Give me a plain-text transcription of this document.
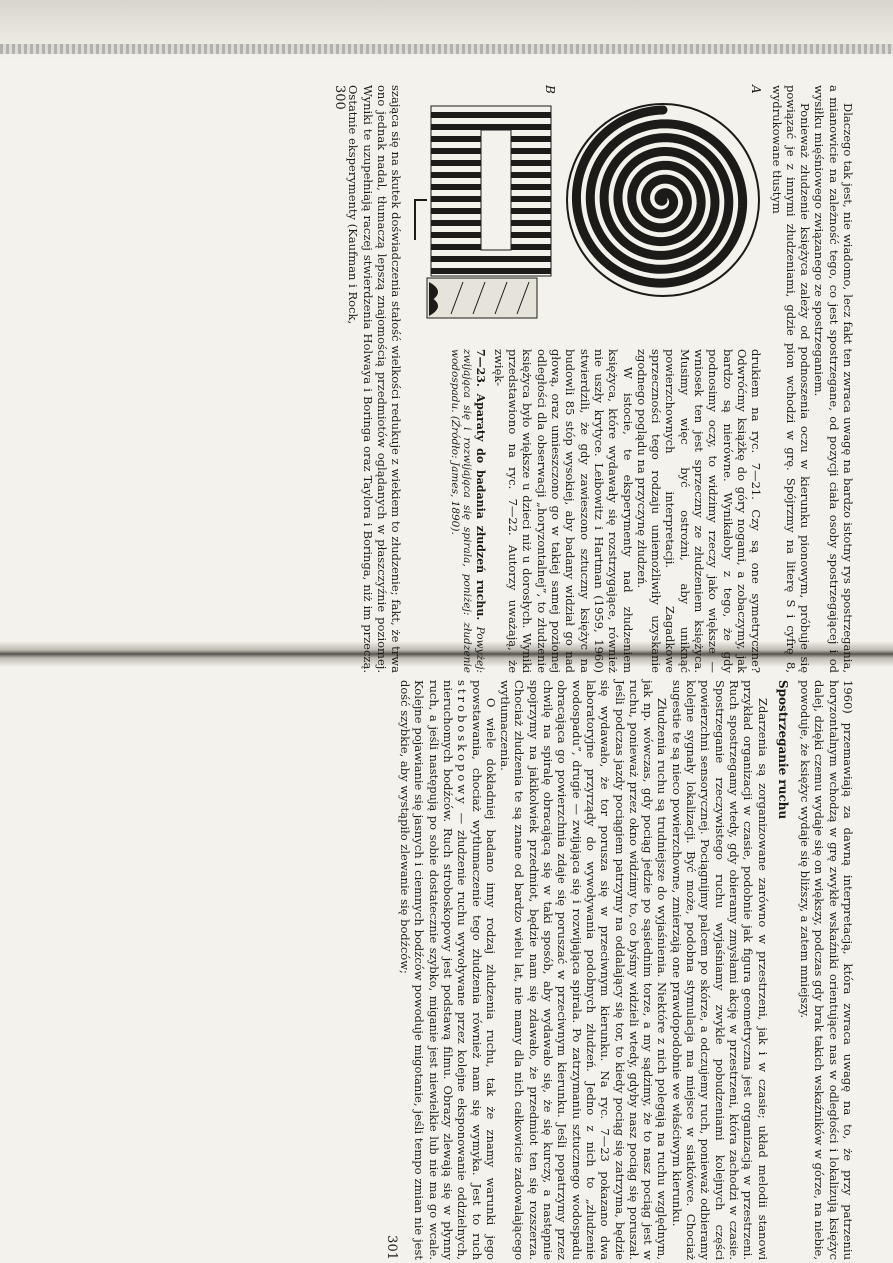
Dlaczego tak jest, nie wiadomo, lecz fakt ten zwraca uwagę na bardzo istotny rys spostrzegania, a mianowicie na zależność tego, co jest spostrzegane, od pozycji ciała osoby spostrzegającej i od wysiłku mięśniowego związanego ze spostrzeganiem.

Ponieważ złudzenie księżyca zależy od podnoszenia oczu w kierunku pionowym, próbuje się powiązać je z innymi złudzeniami, gdzie pion wchodzi w grę. Spójrzmy na literę S i cyfrę 8, wydrukowane tłustym

A
B

drukiem na ryc. 7—21. Czy są one symetryczne? Odwróćmy książkę do góry nogami, a zobaczymy, jak bardzo są nierówne. Wynikałoby z tego, że gdy podnosimy oczy, to widzimy rzeczy jako większe — wniosek ten jest sprzeczny ze złudzeniem księżyca. Musimy więc być ostrożni, aby uniknąć powierzchownych interpretacji. Zagadkowe sprzeczności tego rodzaju uniemożliwiły uzyskanie zgodnego poglądu na przyczynę złudzeń.

W istocie, te eksperymenty nad złudzeniem księżyca, które wydawały się rozstrzygające, również nie uszły krytyce. Leibowitz i Hartman (1959, 1960) stwierdzili, że gdy zawieszono sztuczny księżyc na budowli 85 stóp wysokiej, aby badany widział go nad głową, oraz umieszczono go w takiej samej poziomej odległości dla obserwacji „horyzontalnej”, to złudzenie księżyca było większe u dzieci niż u dorosłych. Wyniki przedstawiono na ryc. 7—22. Autorzy uważają, że zwięk-

7—23. Aparaty do badania złudzeń ruchu. Powyżej: zwijająca się i rozwijająca się spirala, poniżej: złudzenie wodospadu. (Źródło: James, 1890).

szająca się na skutek doświadczenia stałość wielkości redukuje z wiekiem to złudzenie; fakt, że trwa ono jednak nadal, tłumaczą lepszą znajomością przedmiotów oglądanych w płaszczyźnie poziomej. Wyniki te uzupełniają raczej stwierdzenia Holwaya i Boringa oraz Taylora i Boringa, niż im przeczą. Ostatnie eksperymenty (Kaufman i Rock,

300

1960) przemawiają za dawną interpretacją, która zwraca uwagę na to, że przy patrzeniu horyzontalnym wchodzą w grę zwykłe wskaźniki orientujące nas w odległości i lokalizują księżyc dalej, dzięki czemu wydaje się on większy, podczas gdy brak takich wskaźników w górze, na niebie, powoduje, że księżyc wydaje się bliższy, a zatem mniejszy.

Spostrzeganie ruchu

Zdarzenia są zorganizowane zarówno w przestrzeni, jak i w czasie; układ melodii stanowi przykład organizacji w czasie, podobnie jak figura geometryczna jest organizacją w przestrzeni. Ruch spostrzegamy wtedy, gdy obieramy zmysłami akcję w przestrzeni, która zachodzi w czasie. Spostrzeganie rzeczywistego ruchu wyjaśniamy zwykle pobudzeniami kolejnych części powierzchni sensorycznej. Pociągnijmy palcem po skórze, a odczujemy ruch, ponieważ odbieramy kolejne sygnały lokalizacji. Być może, podobna stymulacja ma miejsce w siatkówce. Chociaż sugestie te są nieco powierzchowne, zmierzają one prawdopodobnie we właściwym kierunku.

Złudzenia ruchu są trudniejsze do wyjaśnienia. Niektóre z nich polegają na ruchu względnym, jak np. wówczas, gdy pociąg jedzie po sąsiednim torze, a my sądzimy, że to nasz pociąg jest w ruchu, ponieważ przez okno widzimy to, co byśmy widzieli wtedy, gdyby nasz pociąg się poruszał. Jeśli podczas jazdy pociągiem patrzymy na oddalający się tor, to kiedy pociąg się zatrzyma, będzie się wydawało, że tor porusza się w przeciwnym kierunku. Na ryc. 7—23 pokazano dwa laboratoryjne przyrządy do wywoływania podobnych złudzeń. Jedno z nich to „złudzenie wodospadu”, drugie — zwijająca się i rozwijająca spirala. Po zatrzymaniu sztucznego wodospadu obracająca go powierzchnia zdaje się poruszać w przeciwnym kierunku. Jeśli popatrzymy przez chwilę na spiralę obracającą się w taki sposób, aby wydawało się, że się kurczy, a następnie spojrzymy na jakikolwiek przedmiot, będzie nam się zdawało, że przedmiot ten się rozszerza. Chociaż złudzenia te są znane od bardzo wielu lat, nie mamy dla nich całkowicie zadowalającego wytłumaczenia.

O wiele dokładniej badano inny rodzaj złudzenia ruchu, tak że znamy warunki jego powstawania, chociaż wytłumaczenie tego złudzenia również nam się wymyka. Jest to ruch stroboskopowy — złudzenie ruchu wywoływane przez kolejne eksponowanie oddzielnych, nieruchomych bodźców. Ruch stroboskopowy jest podstawą filmu. Obrazy zlewają się w płynny ruch, a jeśli następują po sobie dostatecznie szybko, miganie jest niewielkie lub nie ma go wcale. Kolejne pojawianie się jasnych i ciemnych bodźców powoduje migotanie, jeśli tempo zmian nie jest dość szybkie, aby wystąpiło zlewanie się bodźców;

301
